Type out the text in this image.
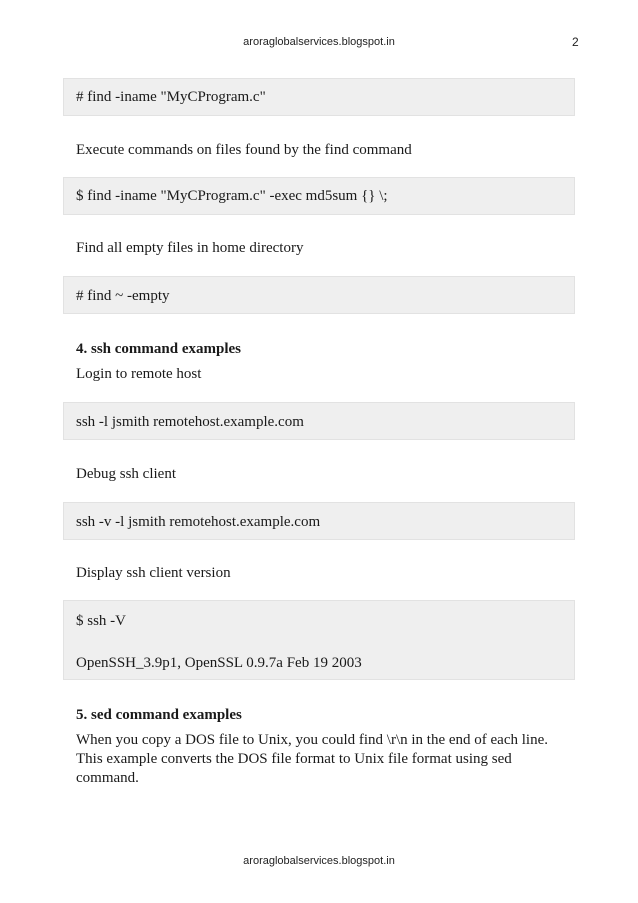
aroraglobalservices.blogspot.in	2
# find -iname "MyCProgram.c"
Execute commands on files found by the find command
$ find -iname "MyCProgram.c" -exec md5sum {} \;
Find all empty files in home directory
# find ~ -empty
4. ssh command examples
Login to remote host
ssh -l jsmith remotehost.example.com
Debug ssh client
ssh -v -l jsmith remotehost.example.com
Display ssh client version
$ ssh -V
OpenSSH_3.9p1, OpenSSL 0.9.7a Feb 19 2003
5. sed command examples
When you copy a DOS file to Unix, you could find \r\n in the end of each line. This example converts the DOS file format to Unix file format using sed command.
aroraglobalservices.blogspot.in
